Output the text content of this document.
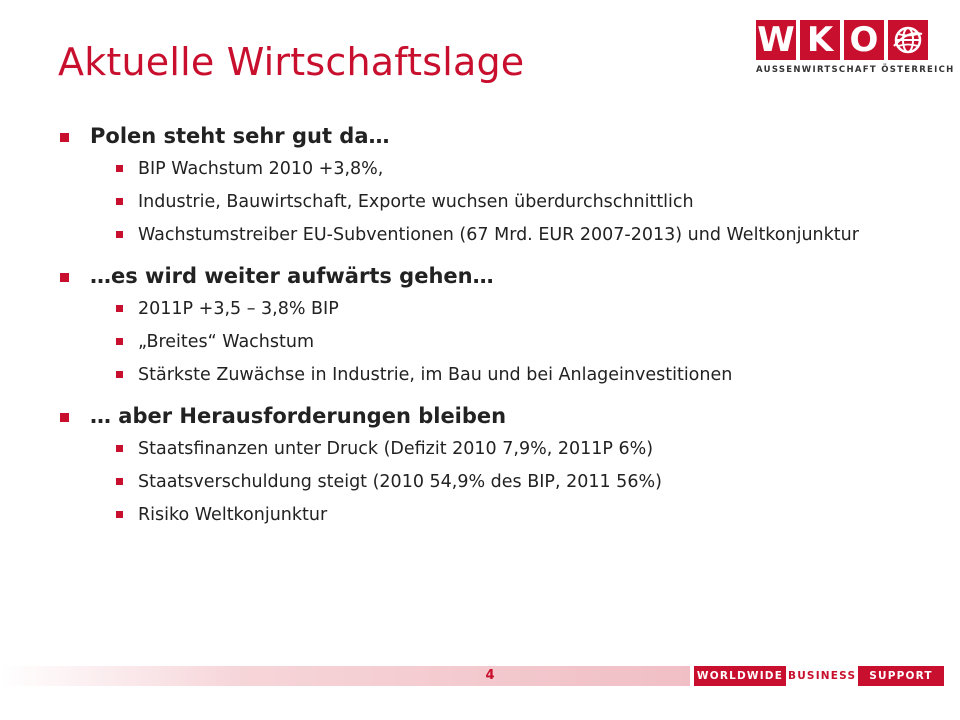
Aktuelle Wirtschaftslage	W K O
AUSSENWIRTSCHAFT ÖSTERREICH

Polen steht sehr gut da…

BIP Wachstum 2010 +3,8%,
Industrie, Bauwirtschaft, Exporte wuchsen überdurchschnittlich
Wachstumstreiber EU-Subventionen (67 Mrd. EUR 2007-2013) und Weltkonjunktur

…es wird weiter aufwärts gehen…

2011P +3,5 – 3,8% BIP
„Breites“ Wachstum
Stärkste Zuwächse in Industrie, im Bau und bei Anlageinvestitionen

… aber Herausforderungen bleiben

Staatsfinanzen unter Druck (Defizit 2010 7,9%, 2011P 6%)
Staatsverschuldung steigt (2010 54,9% des BIP, 2011 56%)
Risiko Weltkonjunktur
4	WORLDWIDE BUSINESS	SUPPORT
